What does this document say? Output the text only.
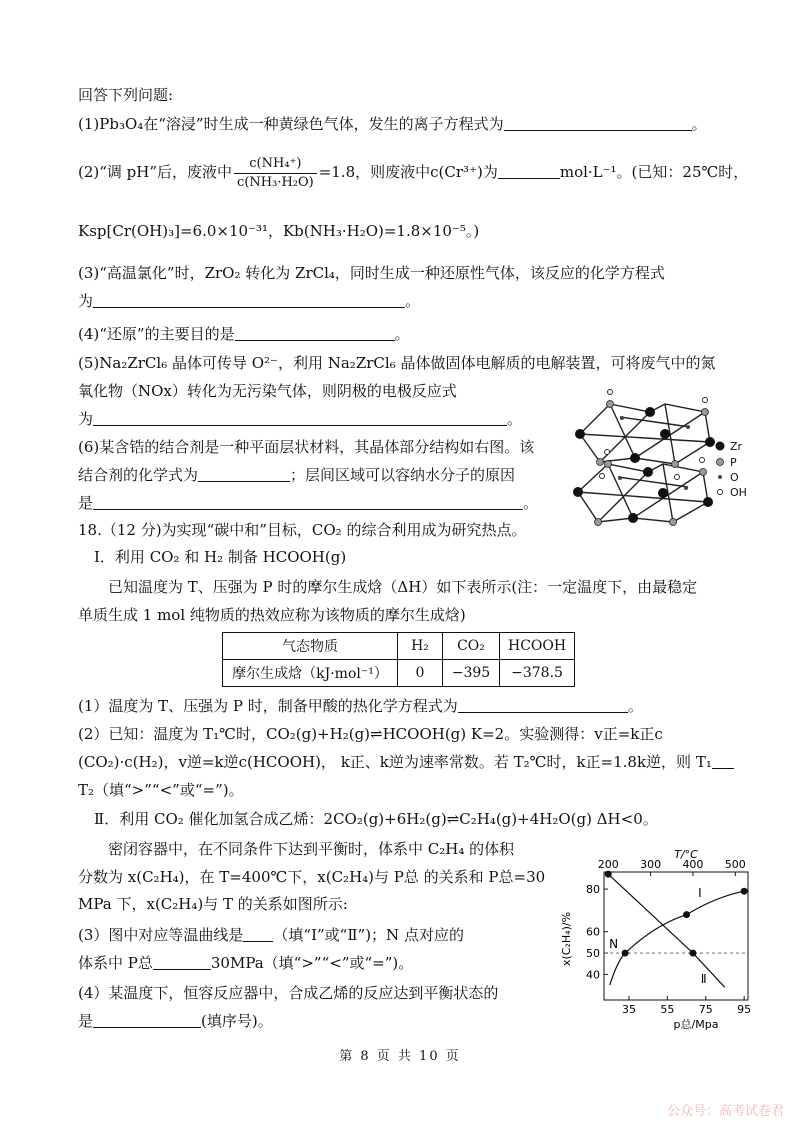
回答下列问题:
(1)Pb₃O₄在“溶浸”时生成一种黄绿色气体，发生的离子方程式为	。
(2)“调 pH”后，废液中 $\frac{\text{c(NH₄⁺)}}{\text{c(NH₃·H₂O)}} =1.8$，则废液中c(Cr³⁺)为	mol·L⁻¹。(已知：25℃时，
Ksp[Cr(OH)₃]=6.0×10⁻³¹，Kb(NH₃·H₂O)=1.8×10⁻⁵。)
(3)“高温氯化”时，ZrO₂ 转化为 ZrCl₄，同时生成一种还原性气体，该反应的化学方程式
为	。
(4)“还原”的主要目的是	。
(5)Na₂ZrCl₆ 晶体可传导 O²⁻，利用 Na₂ZrCl₆ 晶体做固体电解质的电解装置，可将废气中的氮
氧化物（NOx）转化为无污染气体，则阴极的电极反应式
为	。
(6)某含锆的结合剂是一种平面层状材料，其晶体部分结构如右图。该
结合剂的化学式为	；层间区域可以容纳水分子的原因
是	。
Zr
P
O
OH
18.（12 分)为实现“碳中和”目标，CO₂ 的综合利用成为研究热点。
Ⅰ．利用 CO₂ 和 H₂ 制备 HCOOH(g)
已知温度为 T、压强为 P 时的摩尔生成焓（ΔH）如下表所示(注：一定温度下，由最稳定
单质生成 1 mol 纯物质的热效应称为该物质的摩尔生成焓)
气态物质	H₂	CO₂	HCOOH
摩尔生成焓（kJ·mol⁻¹）	0	−395	−378.5
(1）温度为 T、压强为 P 时，制备甲酸的热化学方程式为	。
(2）已知：温度为 T₁℃时，CO₂(g)+H₂(g)⇌HCOOH(g) K=2。实验测得：v正=k正c
(CO₂)·c(H₂)，v逆=k逆c(HCOOH)， k正、k逆为速率常数。若 T₂℃时，k正=1.8k逆，则 T₁
T₂（填“>”“<”或“=”)。
Ⅱ．利用 CO₂ 催化加氢合成乙烯：2CO₂(g)+6H₂(g)⇌C₂H₄(g)+4H₂O(g) ΔH<0。
密闭容器中，在不同条件下达到平衡时，体系中 C₂H₄ 的体积
分数为 x(C₂H₄)，在 T=400℃下，x(C₂H₄)与 P总 的关系和 P总=30
MPa 下，x(C₂H₄)与 T 的关系如图所示:
(3）图中对应等温曲线是 （填“Ⅰ”或“Ⅱ”)；N 点对应的
体系中 P总	30MPa（填“>”“<”或“=”)。
(4）某温度下，恒容反应器中，合成乙烯的反应达到平衡状态的
是	(填序号)。
35 55 75 95
200 300 400 500
40
50
60
80
p总/Mpa
T/°C
x(C₂H₄)/%
Ⅰ
N
Ⅱ
第 8 页 共 10 页
公众号：高考试卷君
